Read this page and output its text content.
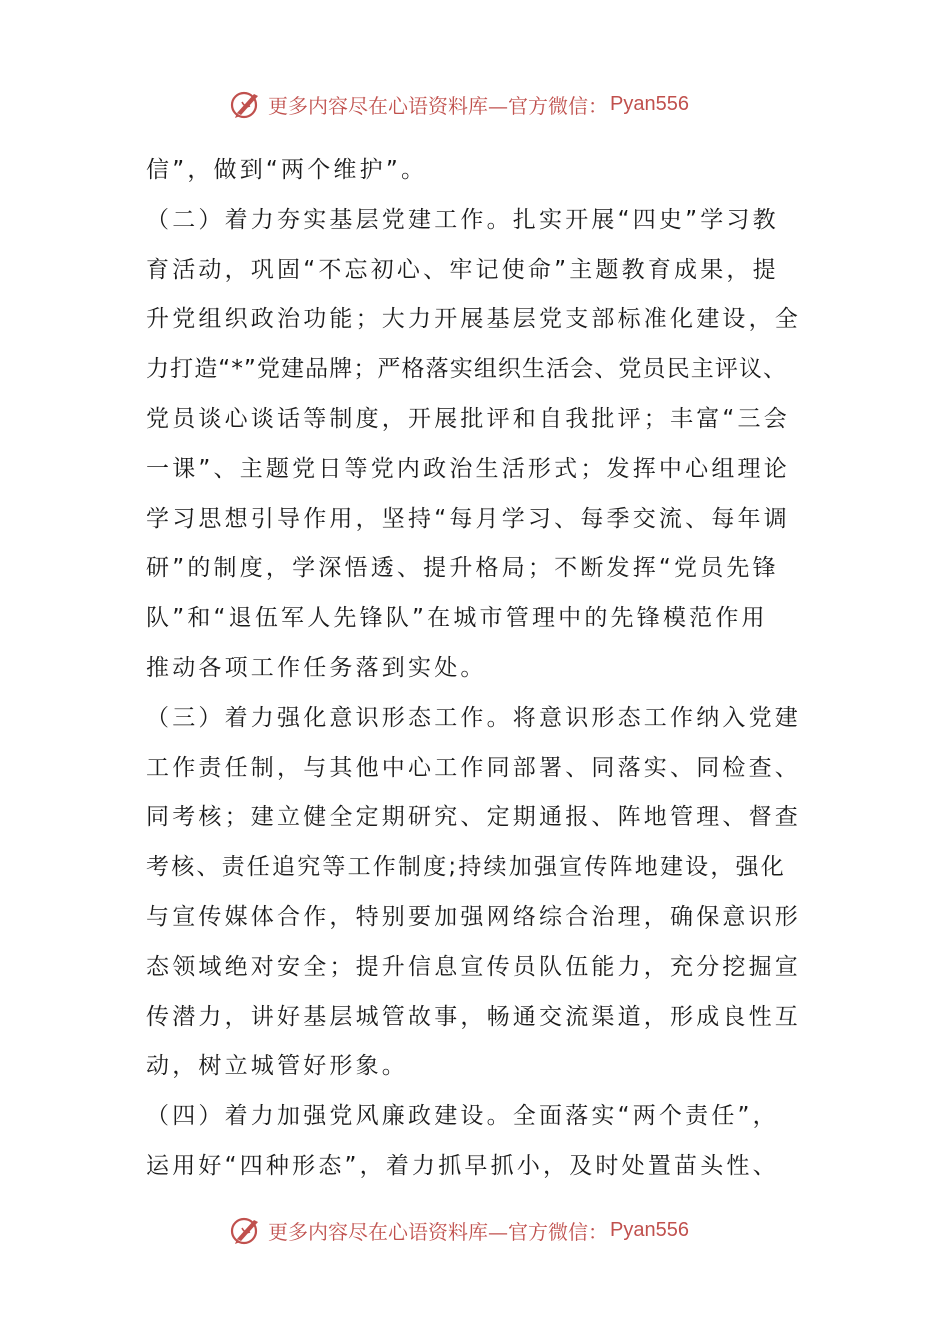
更多内容尽在心语资料库—官方微信： Pyan556
信”，做到“两个维护”。
（二）着力夯实基层党建工作。扎实开展“四史”学习教
育活动，巩固“不忘初心、牢记使命”主题教育成果，提
升党组织政治功能；大力开展基层党支部标准化建设，全
力打造“*”党建品牌；严格落实组织生活会、党员民主评议、
党员谈心谈话等制度，开展批评和自我批评；丰富“三会
一课”、主题党日等党内政治生活形式；发挥中心组理论
学习思想引导作用，坚持“每月学习、每季交流、每年调
研”的制度，学深悟透、提升格局；不断发挥“党员先锋
队”和“退伍军人先锋队”在城市管理中的先锋模范作用
推动各项工作任务落到实处。
（三）着力强化意识形态工作。将意识形态工作纳入党建
工作责任制，与其他中心工作同部署、同落实、同检查、
同考核；建立健全定期研究、定期通报、阵地管理、督查
考核、责任追究等工作制度;持续加强宣传阵地建设，强化
与宣传媒体合作，特别要加强网络综合治理，确保意识形
态领域绝对安全；提升信息宣传员队伍能力，充分挖掘宣
传潜力，讲好基层城管故事，畅通交流渠道，形成良性互
动，树立城管好形象。
（四）着力加强党风廉政建设。全面落实“两个责任”，
运用好“四种形态”，着力抓早抓小，及时处置苗头性、
更多内容尽在心语资料库—官方微信： Pyan556
